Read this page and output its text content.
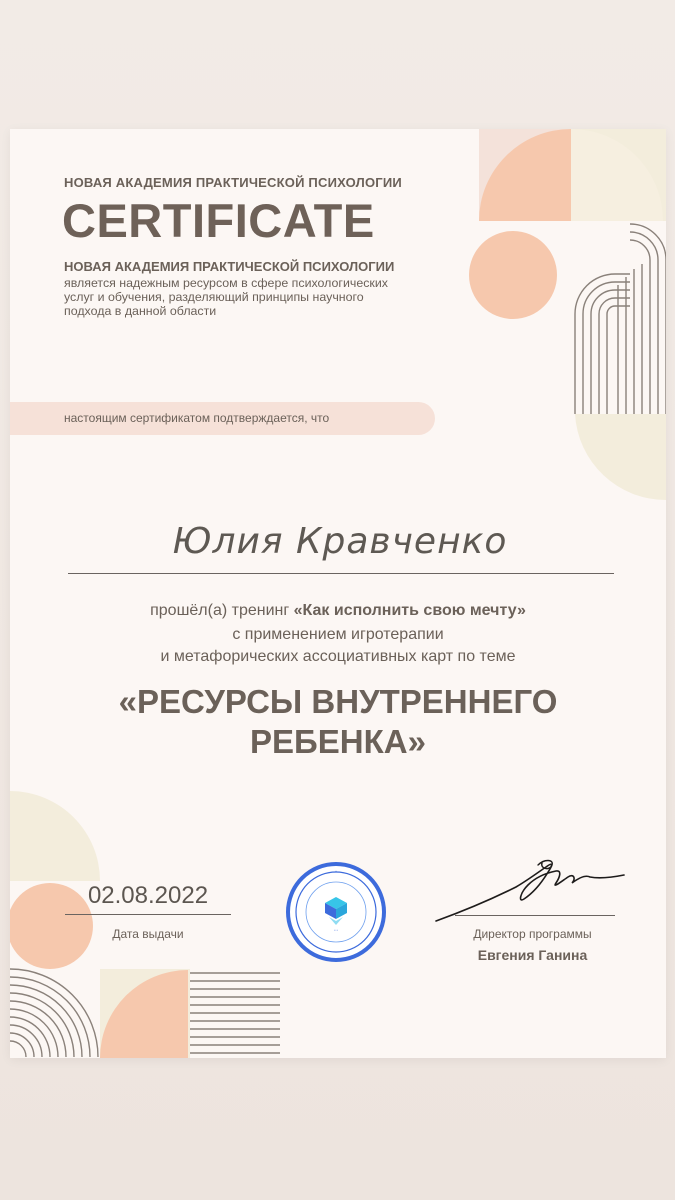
НОВАЯ АКАДЕМИЯ ПРАКТИЧЕСКОЙ ПСИХОЛОГИИ
CERTIFICATE
НОВАЯ АКАДЕМИЯ ПРАКТИЧЕСКОЙ ПСИХОЛОГИИ
является надежным ресурсом в сфере психологических услуг и обучения, разделяющий принципы научного подхода в данной области
настоящим сертификатом подтверждается, что
Юлия Кравченко
прошёл(а) тренинг «Как исполнить свою мечту»
с применением игротерапии
и метафорических ассоциативных карт по теме
«РЕСУРСЫ ВНУТРЕННЕГО
РЕБЕНКА»
02.08.2022
Дата выдачи
•
• • •	Директор программы
Евгения Ганина
